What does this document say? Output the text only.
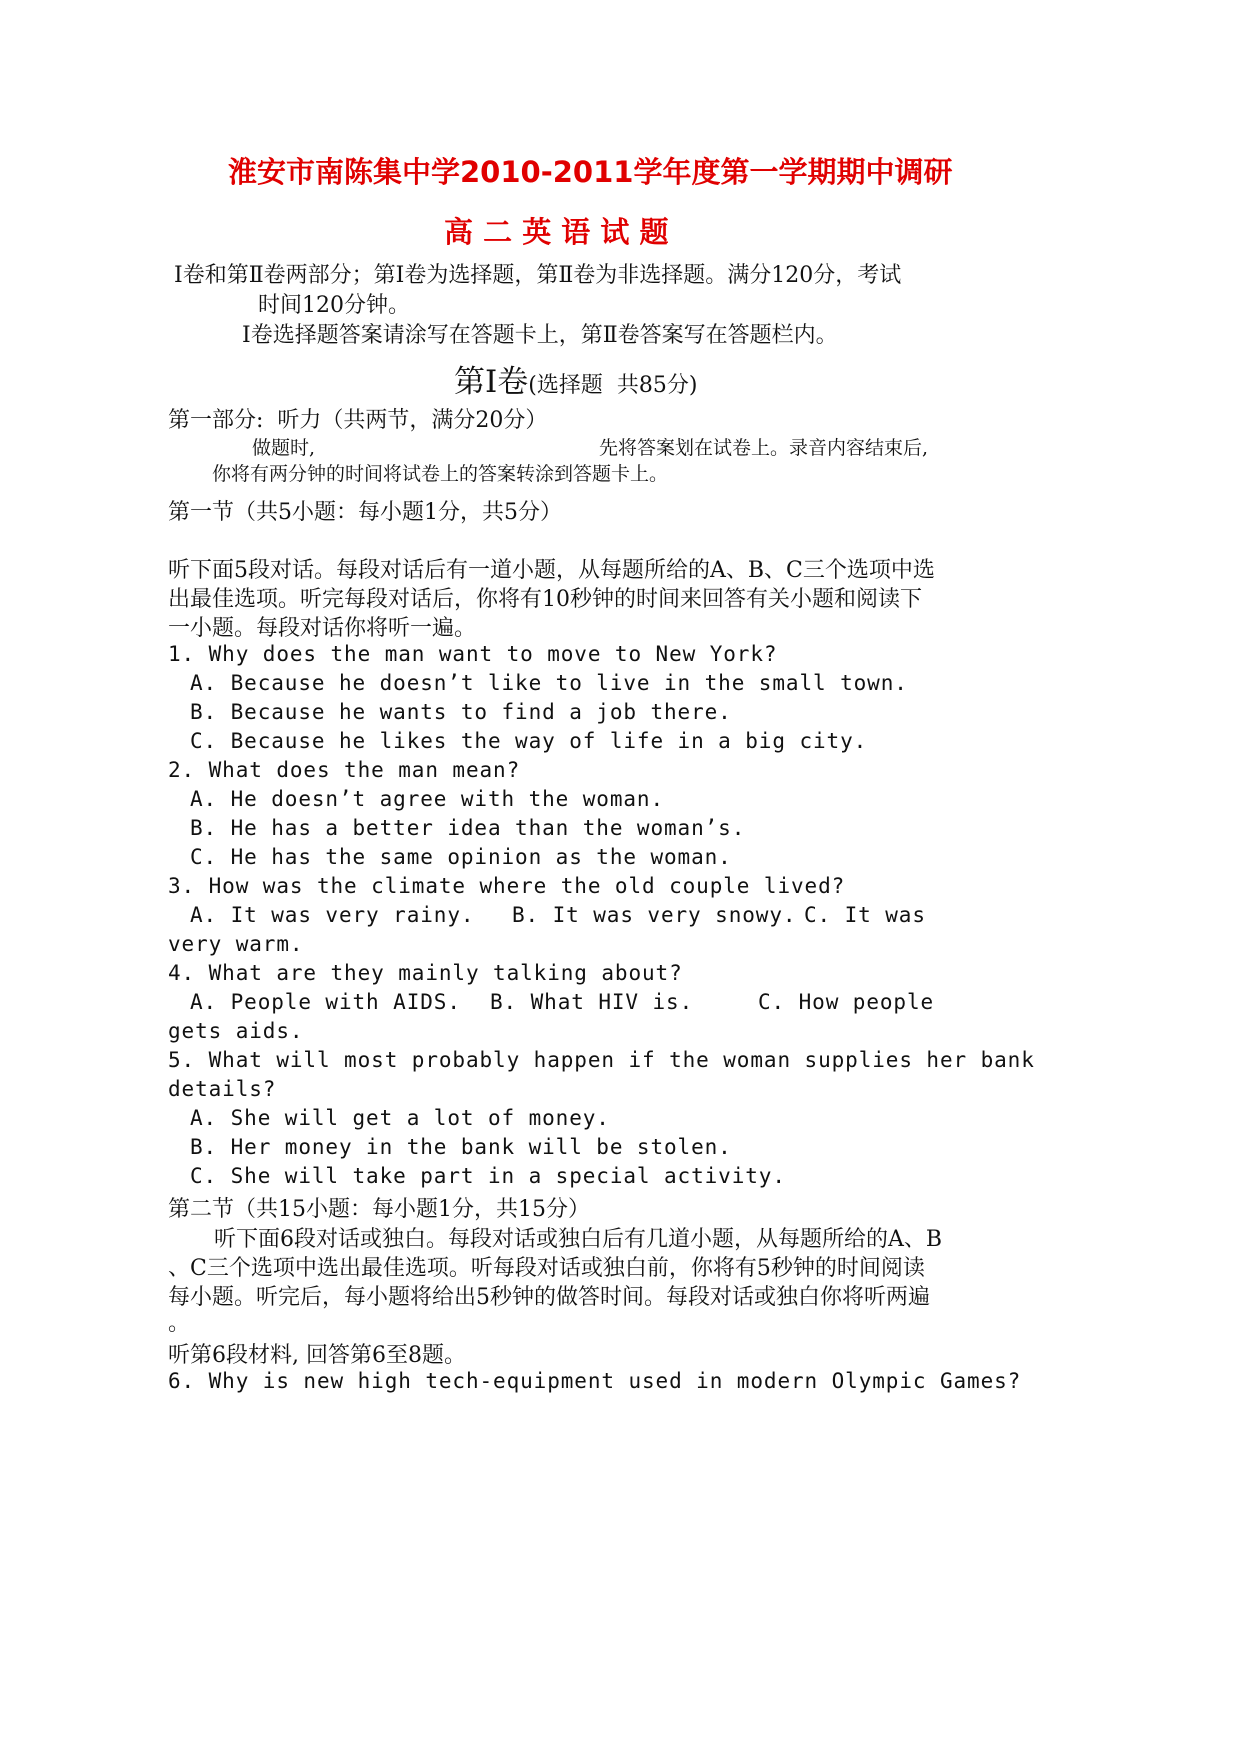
淮安市南陈集中学2010-2011学年度第一学期期中调研
高 二 英 语 试 题
Ⅰ卷和第Ⅱ卷两部分；第Ⅰ卷为选择题，第Ⅱ卷为非选择题。满分120分，考试
时间120分钟。
Ⅰ卷选择题答案请涂写在答题卡上，第Ⅱ卷答案写在答题栏内。
第Ⅰ卷(选择题  共85分)
第一部分:  听力（共两节，满分20分）
做题时,	先将答案划在试卷上。录音内容结束后,
你将有两分钟的时间将试卷上的答案转涂到答题卡上。
第一节（共5小题：每小题1分，共5分）
听下面5段对话。每段对话后有一道小题，从每题所给的A、B、C三个选项中选
出最佳选项。听完每段对话后，你将有10秒钟的时间来回答有关小题和阅读下
一小题。每段对话你将听一遍。
1. Why does the man want to move to New York?
A. Because he doesn’t like to live in the small town.
B. Because he wants to find a job there.
C. Because he likes the way of life in a big city.
2. What does the man mean?
A. He doesn’t agree with the woman.
B. He has a better idea than the woman’s.
C. He has the same opinion as the woman.
3. How was the climate where the old couple lived?
A. It was very rainy. B. It was very snowy. C. It was
very warm.
4. What are they mainly talking about?
A. People with AIDS. B. What HIV is.	C. How people
gets aids.
5. What will most probably happen if the woman supplies her bank
details?
A. She will get a lot of money.
B. Her money in the bank will be stolen.
C. She will take part in a special activity.
第二节（共15小题：每小题1分，共15分）
听下面6段对话或独白。每段对话或独白后有几道小题，从每题所给的A、B
、C三个选项中选出最佳选项。听每段对话或独白前，你将有5秒钟的时间阅读
每小题。听完后，每小题将给出5秒钟的做答时间。每段对话或独白你将听两遍
。
听第6段材料, 回答第6至8题。
6. Why is new high tech-equipment used in modern Olympic Games?
